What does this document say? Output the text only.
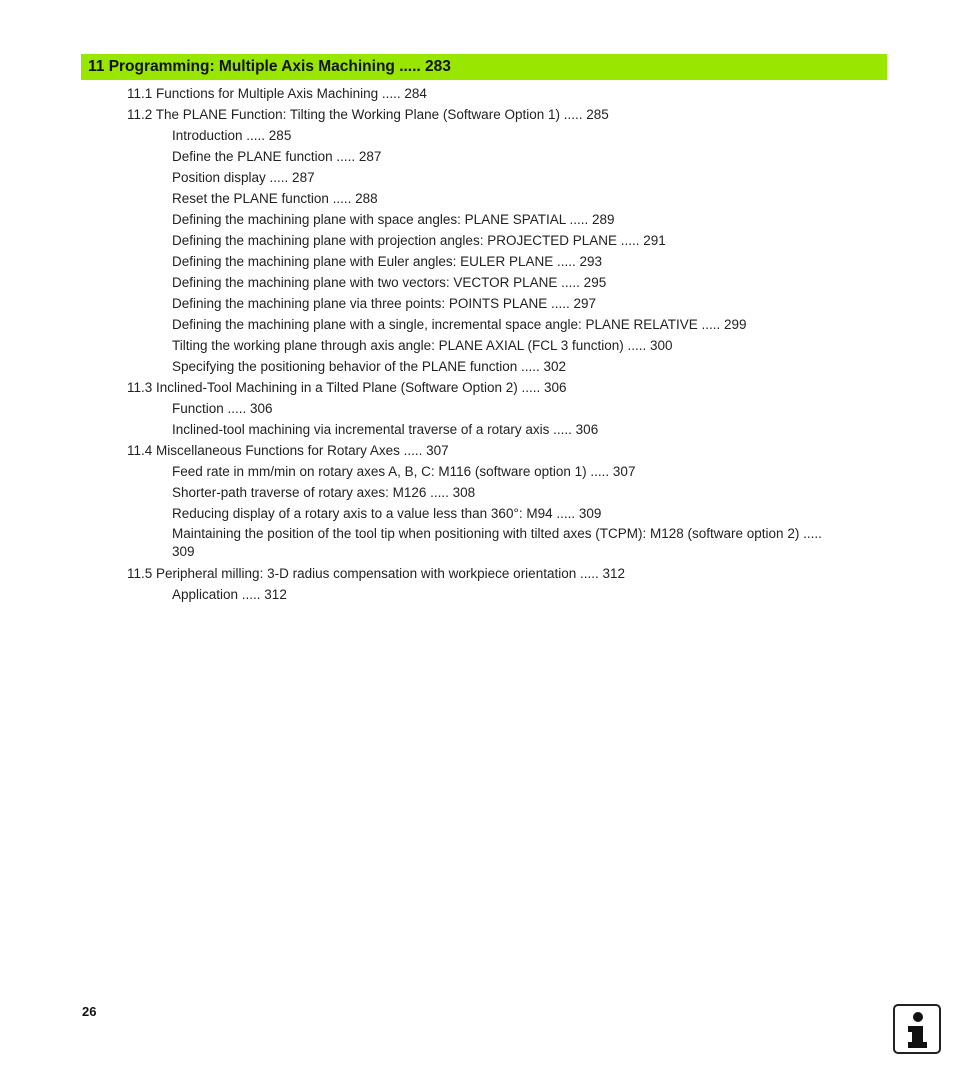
11 Programming: Multiple Axis Machining ..... 283
11.1 Functions for Multiple Axis Machining ..... 284
11.2 The PLANE Function: Tilting the Working Plane (Software Option 1) ..... 285
Introduction ..... 285
Define the PLANE function ..... 287
Position display ..... 287
Reset the PLANE function ..... 288
Defining the machining plane with space angles: PLANE SPATIAL ..... 289
Defining the machining plane with projection angles: PROJECTED PLANE ..... 291
Defining the machining plane with Euler angles: EULER PLANE ..... 293
Defining the machining plane with two vectors: VECTOR PLANE ..... 295
Defining the machining plane via three points: POINTS PLANE ..... 297
Defining the machining plane with a single, incremental space angle: PLANE RELATIVE ..... 299
Tilting the working plane through axis angle: PLANE AXIAL (FCL 3 function) ..... 300
Specifying the positioning behavior of the PLANE function ..... 302
11.3 Inclined-Tool Machining in a Tilted Plane (Software Option 2) ..... 306
Function ..... 306
Inclined-tool machining via incremental traverse of a rotary axis ..... 306
11.4 Miscellaneous Functions for Rotary Axes ..... 307
Feed rate in mm/min on rotary axes A, B, C: M116 (software option 1) ..... 307
Shorter-path traverse of rotary axes: M126 ..... 308
Reducing display of a rotary axis to a value less than 360°: M94 ..... 309
Maintaining the position of the tool tip when positioning with tilted axes (TCPM): M128 (software option 2) ..... 309
11.5 Peripheral milling: 3-D radius compensation with workpiece orientation ..... 312
Application ..... 312
26
